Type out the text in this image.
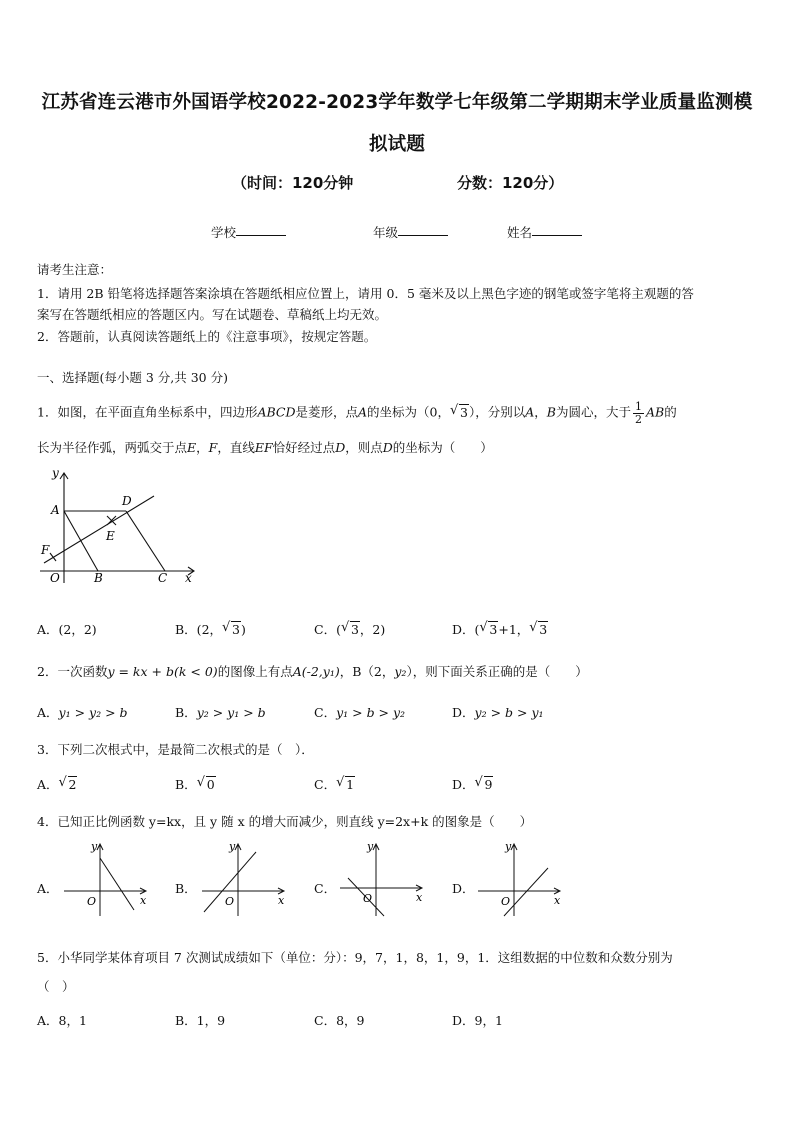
江苏省连云港市外国语学校2022-2023学年数学七年级第二学期期末学业质量监测模
拟试题
（时间：120分钟	分数：120分）
学校	年级	姓名
请考生注意：
1．请用 2B 铅笔将选择题答案涂填在答题纸相应位置上，请用 0．5 毫米及以上黑色字迹的钢笔或签字笔将主观题的答
案写在答题纸相应的答题区内。写在试题卷、草稿纸上均无效。
2．答题前，认真阅读答题纸上的《注意事项》，按规定答题。
一、选择题(每小题 3 分,共 30 分)
1．如图，在平面直角坐标系中，四边形ABCD是菱形，点A的坐标为（0， √ 3），分别以A，B为圆心，大于 $\frac{1}{2}$ AB的
长为半径作弧，两弧交于点E，F，直线EF恰好经过点D，则点D的坐标为（　　）
y
x
A
D
E
F
O	B	C
A．(2，2)	B．(2， √ 3)	C．( √ 3，2)	D．( √ 3+1， √ 3
2．一次函数y = kx + b(k < 0)的图像上有点A(-2,y₁)，B（2，y₂），则下面关系正确的是（　　）
A．y₁ > y₂ > b	B．y₂ > y₁ > b	C．y₁ > b > y₂	D．y₂ > b > y₁
3．下列二次根式中，是最简二次根式的是（　）．
A． √ 2	B． √ 0	C． √ 1	D． √ 9
4．已知正比例函数 y=kx，且 y 随 x 的增大而减少，则直线 y=2x+k 的图象是（　　）
A．
y
x
O
B．
y
x
O
C．
y
x
O
D．
y
x
O
5．小华同学某体育项目 7 次测试成绩如下（单位：分）：9，7，1，8，1，9，1．这组数据的中位数和众数分别为
（　）
A．8，1	B．1，9	C．8，9	D．9，1
